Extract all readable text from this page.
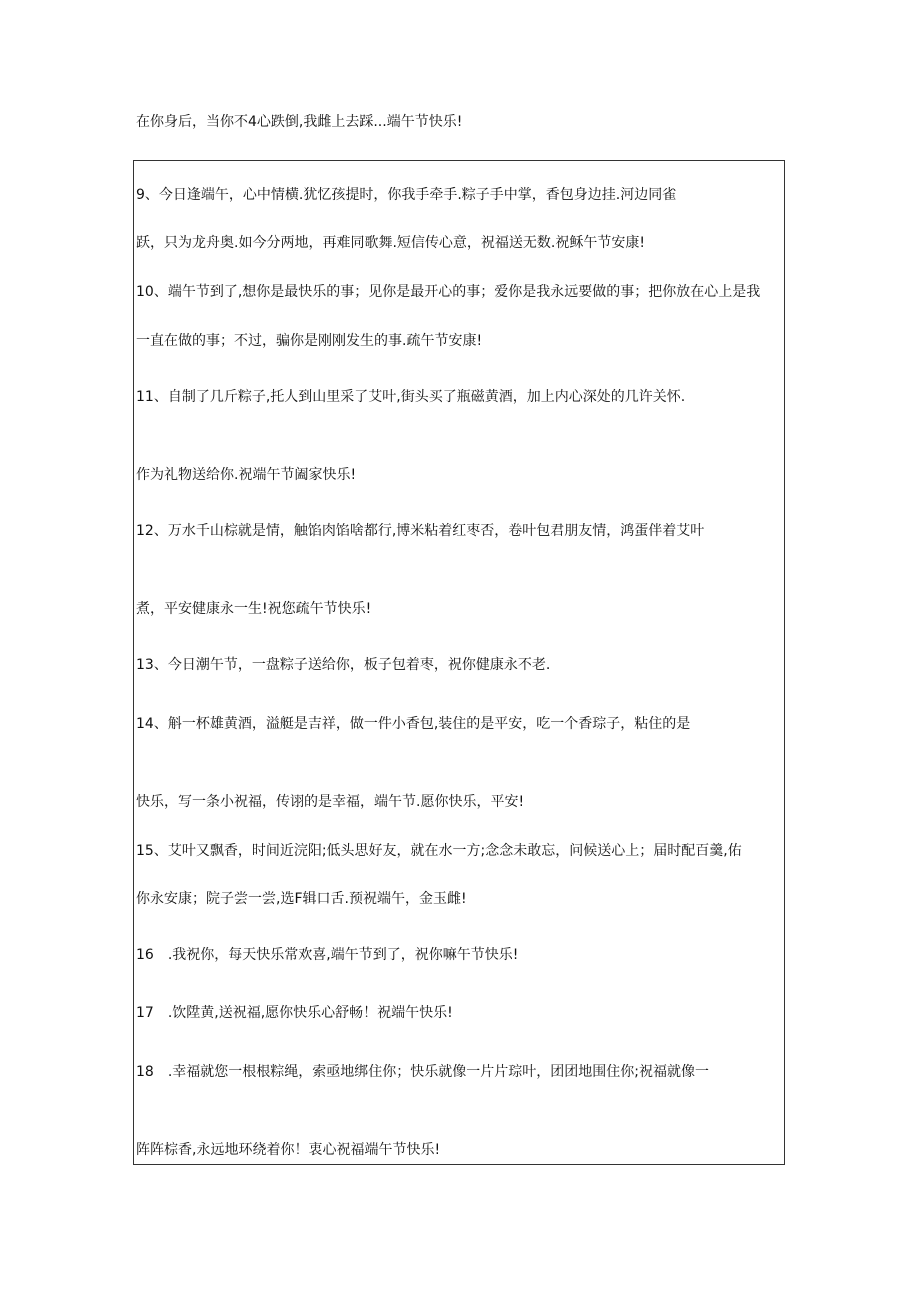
在你身后，当你不4心跌倒,我雌上去踩...端午节快乐!
9、今日逢端午，心中情横.犹忆孩提时，你我手牵手.粽子手中掌，香包身边挂.河边同雀
跃，只为龙舟奥.如今分两地，再难同歌舞.短信传心意，祝福送无数.祝稣午节安康!
10、端午节到了,想你是最快乐的事；见你是最开心的事；爱你是我永远要做的事；把你放在心上是我
一直在做的事；不过，骗你是刚刚发生的事.疏午节安康!
11、自制了几斤粽子,托人到山里采了艾叶,街头买了瓶磁黄酒，加上内心深处的几许关怀.
作为礼物送给你.祝端午节阖家快乐!
12、万水千山棕就是情，触馅肉馅啥都行,博米粘着红枣否，卷叶包君朋友情，鸿蛋伴着艾叶
煮，平安健康永一生!祝您疏午节快乐!
13、今日潮午节，一盘粽子送给你，板子包着枣，祝你健康永不老.
14、斛一杯雄黄酒，溢艇是吉祥，做一件小香包,装住的是平安，吃一个香琮子，粘住的是
快乐，写一条小祝福，传诩的是幸福，端午节.愿你快乐，平安!
15、艾叶又飘香，时间近浣阳;低头思好友，就在水一方;念念未敢忘，问候送心上；届时配百羹,佑
你永安康；院子尝一尝,选F辑口舌.预祝端午，金玉雌!
16　.我祝你，每天快乐常欢喜,端午节到了，祝你嘛午节快乐!
17　.饮陞黄,送祝福,愿你快乐心舒畅！祝端午快乐!
18　.幸福就您一根根粽绳，索亟地绑住你；快乐就像一片片琮叶，团团地围住你;祝福就像一
阵阵棕香,永远地环绕着你！衷心祝福端午节快乐!
